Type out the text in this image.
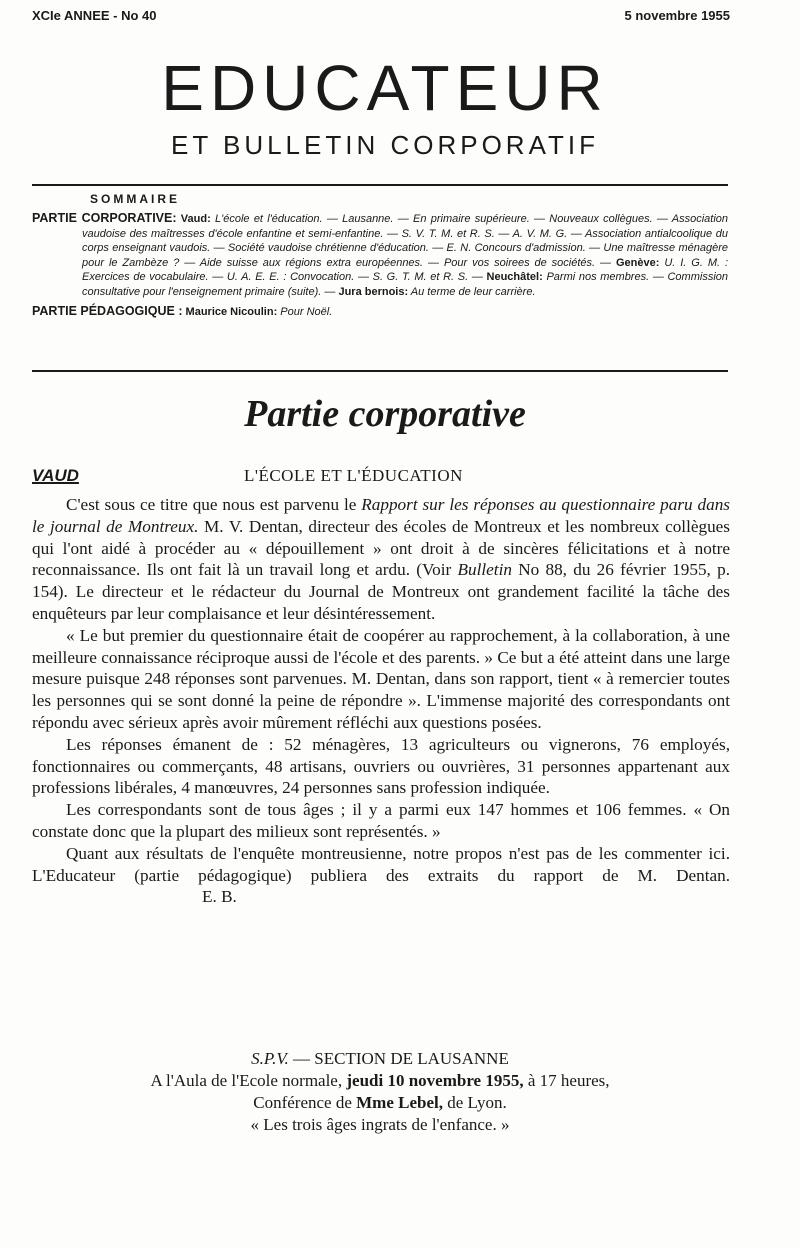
XCIe ANNEE - No 40	5 novembre 1955
EDUCATEUR
ET BULLETIN CORPORATIF
SOMMAIRE
PARTIE CORPORATIVE: Vaud: L'école et l'éducation. — Lausanne. — En primaire supérieure. — Nouveaux collègues. — Association vaudoise des maîtresses d'école enfantine et semi-enfantine. — S. V. T. M. et R. S. — A. V. M. G. — Association antialcoolique du corps enseignant vaudois. — Société vaudoise chrétienne d'éducation. — E. N. Concours d'admission. — Une maîtresse ménagère pour le Zambèze ? — Aide suisse aux régions extra européennes. — Pour vos soirees de sociétés. — Genève: U. I. G. M. : Exercices de vocabulaire. — U. A. E. E. : Convocation. — S. G. T. M. et R. S. — Neuchâtel: Parmi nos membres. — Commission consultative pour l'enseignement primaire (suite). — Jura bernois: Au terme de leur carrière.
PARTIE PÉDAGOGIQUE : Maurice Nicoulin: Pour Noël.
Partie corporative
VAUD	L'ÉCOLE ET L'ÉDUCATION

C'est sous ce titre que nous est parvenu le Rapport sur les réponses au questionnaire paru dans le journal de Montreux. M. V. Dentan, directeur des écoles de Montreux et les nombreux collègues qui l'ont aidé à procéder au « dépouillement » ont droit à de sincères félicitations et à notre reconnaissance. Ils ont fait là un travail long et ardu. (Voir Bulletin No 88, du 26 février 1955, p. 154). Le directeur et le rédacteur du Journal de Montreux ont grandement facilité la tâche des enquêteurs par leur complaisance et leur désintéressement.

« Le but premier du questionnaire était de coopérer au rapprochement, à la collaboration, à une meilleure connaissance réciproque aussi de l'école et des parents. » Ce but a été atteint dans une large mesure puisque 248 réponses sont parvenues. M. Dentan, dans son rapport, tient « à remercier toutes les personnes qui se sont donné la peine de répondre ». L'immense majorité des correspondants ont répondu avec sérieux après avoir mûrement réfléchi aux questions posées.

Les réponses émanent de : 52 ménagères, 13 agriculteurs ou vignerons, 76 employés, fonctionnaires ou commerçants, 48 artisans, ouvriers ou ouvrières, 31 personnes appartenant aux professions libérales, 4 manœuvres, 24 personnes sans profession indiquée.

Les correspondants sont de tous âges ; il y a parmi eux 147 hommes et 106 femmes. « On constate donc que la plupart des milieux sont représentés. »

Quant aux résultats de l'enquête montreusienne, notre propos n'est pas de les commenter ici. L'Educateur (partie pédagogique) publiera des extraits du rapport de M. Dentan.E. B.

S.P.V. — SECTION DE LAUSANNE
A l'Aula de l'Ecole normale, jeudi 10 novembre 1955, à 17 heures,
Conférence de Mme Lebel, de Lyon.
« Les trois âges ingrats de l'enfance. »
